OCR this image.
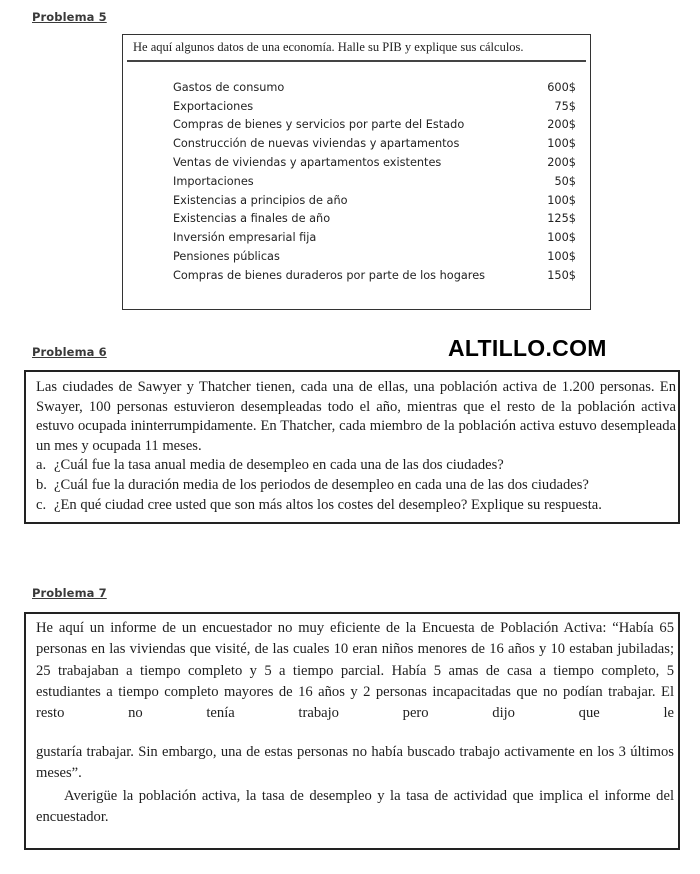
Problema 5
He aquí algunos datos de una economía. Halle su PIB y explique sus cálculos.
Gastos de consumo	600$
Exportaciones	75$
Compras de bienes y servicios por parte del Estado	200$
Construcción de nuevas viviendas y apartamentos	100$
Ventas de viviendas y apartamentos existentes	200$
Importaciones	50$
Existencias a principios de año	100$
Existencias a finales de año	125$
Inversión empresarial fija	100$
Pensiones públicas	100$
Compras de bienes duraderos por parte de los hogares	150$
Problema 6	ALTILLO.COM
Las ciudades de Sawyer y Thatcher tienen, cada una de ellas, una población activa de 1.200 personas. En Swayer, 100 personas estuvieron desempleadas todo el año, mientras que el resto de la población activa estuvo ocupada ininterrumpidamente. En Thatcher, cada miembro de la población activa estuvo desempleada un mes y ocupada 11 meses.
a. ¿Cuál fue la tasa anual media de desempleo en cada una de las dos ciudades?
b. ¿Cuál fue la duración media de los periodos de desempleo en cada una de las dos ciudades?
c. ¿En qué ciudad cree usted que son más altos los costes del desempleo? Explique su respuesta.
Problema 7
He aquí un informe de un encuestador no muy eficiente de la Encuesta de Población Activa: “Había 65 personas en las viviendas que visité, de las cuales 10 eran niños menores de 16 años y 10 estaban jubiladas; 25 trabajaban a tiempo completo y 5 a tiempo parcial. Había 5 amas de casa a tiempo completo, 5 estudiantes a tiempo completo mayores de 16 años y 2 personas incapacitadas que no podían trabajar. El resto no tenía trabajo pero dijo que le
gustaría trabajar. Sin embargo, una de estas personas no había buscado trabajo activamente en los 3 últimos meses”.
Averigüe la población activa, la tasa de desempleo y la tasa de actividad que implica el informe del encuestador.
